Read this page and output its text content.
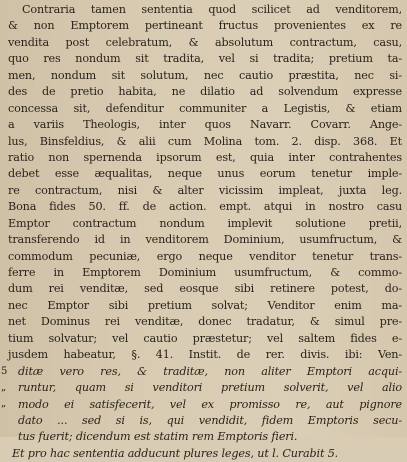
Contraria tamen sententia quod scilicet ad venditorem,
& non Emptorem pertineant fructus provenientes ex re
vendita post celebratum, & absolutum contractum, casu,
quo res nondum sit tradita, vel si tradita; pretium ta-
men, nondum sit solutum, nec cautio præstita, nec si-
des de pretio habita, ne dilatio ad solvendum expresse
concessa sit, defenditur communiter a Legistis, & etiam
a variis Theologis, inter quos Navarr. Covarr. Ange-
lus, Binsfeldius, & alii cum Molina tom. 2. disp. 368. Et
ratio non spernenda ipsorum est, quia inter contrahentes
debet esse æqualitas, neque unus eorum tenetur imple-
re contractum, nisi & alter vicissim impleat, juxta leg.
Bona fides 50. ff. de action. empt. atqui in nostro casu
Emptor contractum nondum implevit solutione pretii,
transferendo id in venditorem Dominium, usumfructum, &
commodum pecuniæ, ergo neque venditor tenetur trans-
ferre in Emptorem Dominium usumfructum, & commo-
dum rei venditæ, sed eosque sibi retinere potest, do-
nec Emptor sibi pretium solvat; Venditor enim ma-
net Dominus rei venditæ, donec tradatur, & simul pre-
tium solvatur; vel cautio præstetur; vel saltem fides e-
jusdem habeatur, §. 41. Instit. de rer. divis. ibi: Ven-
ditæ vero res, & traditæ, non aliter Emptori acqui-
runtur, quam si venditori pretium solverit, vel alio
modo ei satisfecerit, vel ex promisso re, aut pignore
dato ... sed si is, qui vendidit, fidem Emptoris secu-
tus fuerit; dicendum est statim rem Emptoris fieri.
Et pro hac sententia adducunt plures leges, ut l. Curabit 5.
5
„
„
